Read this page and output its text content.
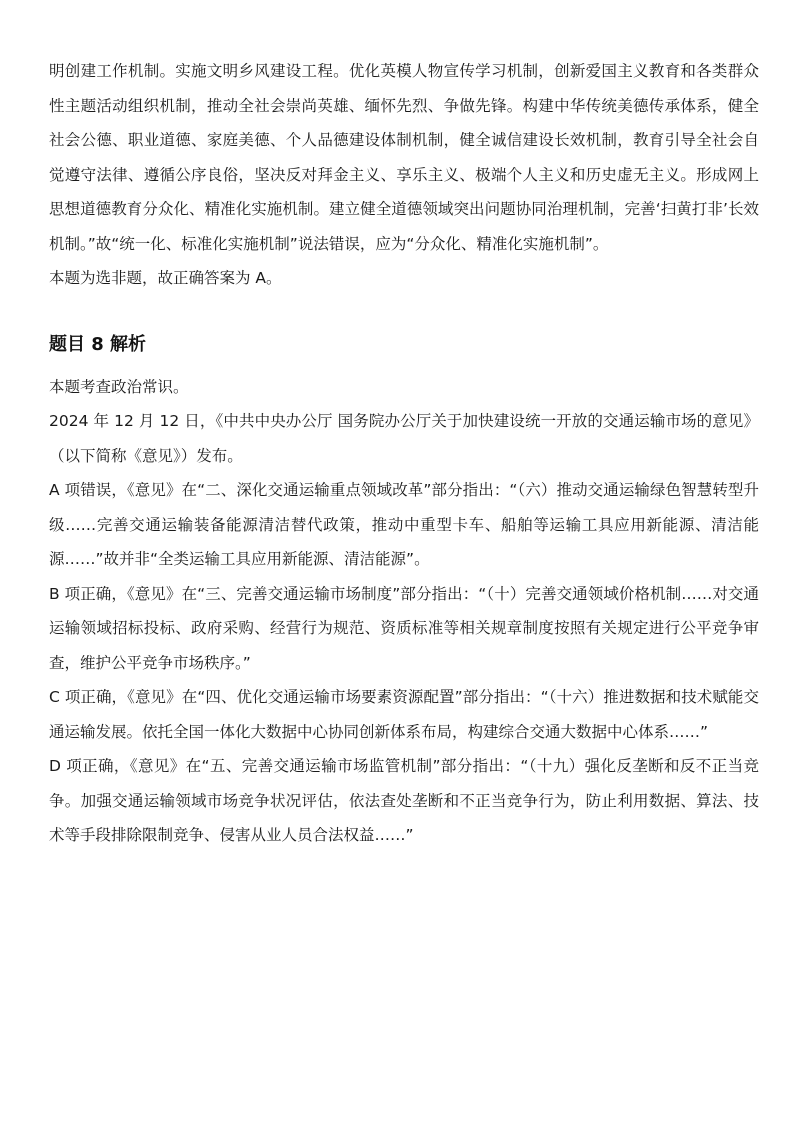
明创建工作机制。实施文明乡风建设工程。优化英模人物宣传学习机制，创新爱国主义教育和各类群众性主题活动组织机制，推动全社会崇尚英雄、缅怀先烈、争做先锋。构建中华传统美德传承体系，健全社会公德、职业道德、家庭美德、个人品德建设体制机制，健全诚信建设长效机制，教育引导全社会自觉遵守法律、遵循公序良俗，坚决反对拜金主义、享乐主义、极端个人主义和历史虚无主义。形成网上思想道德教育分众化、精准化实施机制。建立健全道德领域突出问题协同治理机制，完善‘扫黄打非’长效机制。”故“统一化、标准化实施机制”说法错误，应为“分众化、精准化实施机制”。

本题为选非题，故正确答案为 A。

题目 8 解析

本题考查政治常识。

2024 年 12 月 12 日，《中共中央办公厅 国务院办公厅关于加快建设统一开放的交通运输市场的意见》（以下简称《意见》）发布。

A 项错误，《意见》在“二、深化交通运输重点领域改革”部分指出：“（六）推动交通运输绿色智慧转型升级……完善交通运输装备能源清洁替代政策，推动中重型卡车、船舶等运输工具应用新能源、清洁能源……”故并非“全类运输工具应用新能源、清洁能源”。

B 项正确，《意见》在“三、完善交通运输市场制度”部分指出：“（十）完善交通领域价格机制……对交通运输领域招标投标、政府采购、经营行为规范、资质标准等相关规章制度按照有关规定进行公平竞争审查，维护公平竞争市场秩序。”

C 项正确，《意见》在“四、优化交通运输市场要素资源配置”部分指出：“（十六）推进数据和技术赋能交通运输发展。依托全国一体化大数据中心协同创新体系布局，构建综合交通大数据中心体系……”

D 项正确，《意见》在“五、完善交通运输市场监管机制”部分指出：“（十九）强化反垄断和反不正当竞争。加强交通运输领域市场竞争状况评估，依法查处垄断和不正当竞争行为，防止利用数据、算法、技术等手段排除限制竞争、侵害从业人员合法权益……”
